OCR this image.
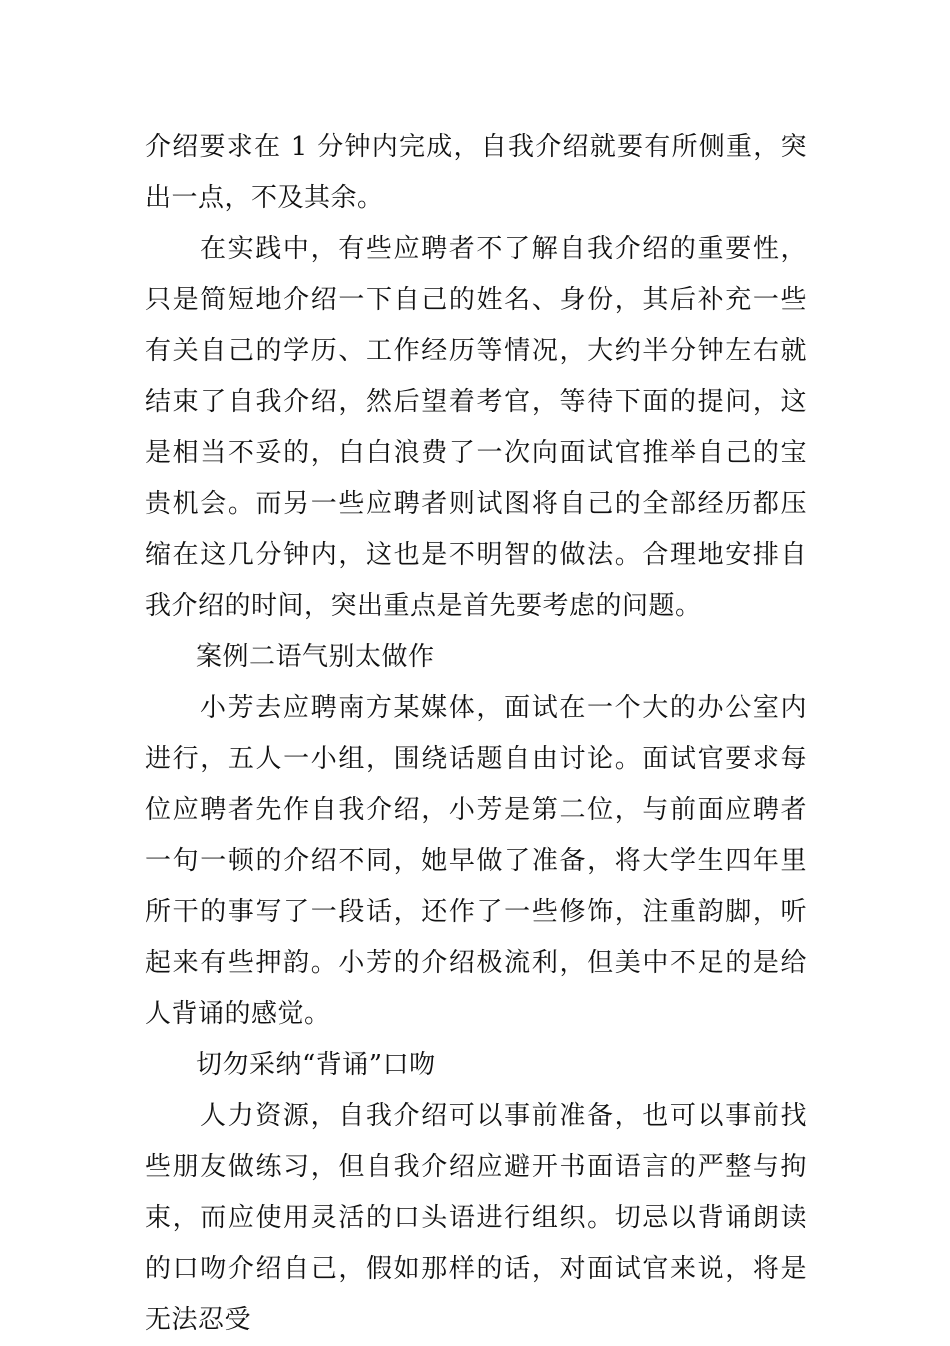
介绍要求在 1 分钟内完成，自我介绍就要有所侧重，突出一点，不及其余。

在实践中，有些应聘者不了解自我介绍的重要性，只是简短地介绍一下自己的姓名、身份，其后补充一些有关自己的学历、工作经历等情况，大约半分钟左右就结束了自我介绍，然后望着考官，等待下面的提问，这是相当不妥的，白白浪费了一次向面试官推举自己的宝贵机会。而另一些应聘者则试图将自己的全部经历都压缩在这几分钟内，这也是不明智的做法。合理地安排自我介绍的时间，突出重点是首先要考虑的问题。

案例二语气别太做作

小芳去应聘南方某媒体，面试在一个大的办公室内进行，五人一小组，围绕话题自由讨论。面试官要求每位应聘者先作自我介绍，小芳是第二位，与前面应聘者一句一顿的介绍不同，她早做了准备，将大学生四年里所干的事写了一段话，还作了一些修饰，注重韵脚，听起来有些押韵。小芳的介绍极流利，但美中不足的是给人背诵的感觉。

切勿采纳“背诵”口吻

人力资源，自我介绍可以事前准备，也可以事前找些朋友做练习，但自我介绍应避开书面语言的严整与拘束，而应使用灵活的口头语进行组织。切忌以背诵朗读的口吻介绍自己，假如那样的话，对面试官来说，将是无法忍受
